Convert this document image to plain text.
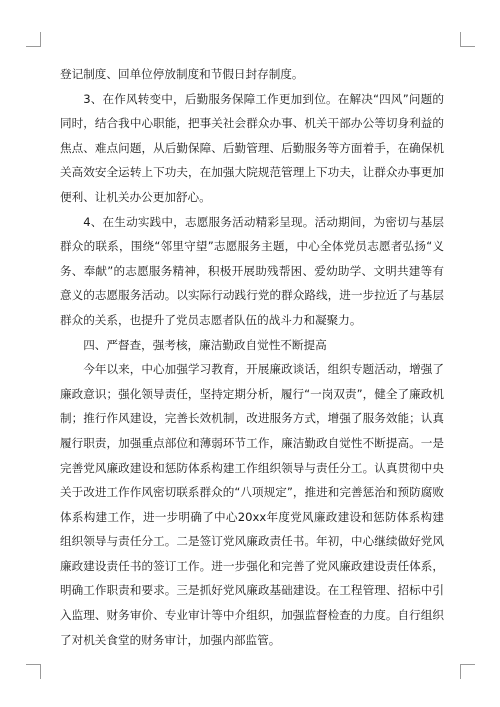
登记制度、回单位停放制度和节假日封存制度。

3、在作风转变中，后勤服务保障工作更加到位。在解决“四风”问题的同时，结合我中心职能，把事关社会群众办事、机关干部办公等切身利益的焦点、难点问题，从后勤保障、后勤管理、后勤服务等方面着手，在确保机关高效安全运转上下功夫，在加强大院规范管理上下功夫，让群众办事更加便利、让机关办公更加舒心。

4、在生动实践中，志愿服务活动精彩呈现。活动期间，为密切与基层群众的联系，围绕“邻里守望”志愿服务主题，中心全体党员志愿者弘扬“义务、奉献”的志愿服务精神，积极开展助残帮困、爱幼助学、文明共建等有意义的志愿服务活动。以实际行动践行党的群众路线，进一步拉近了与基层群众的关系，也提升了党员志愿者队伍的战斗力和凝聚力。

四、严督查，强考核，廉洁勤政自觉性不断提高

今年以来，中心加强学习教育，开展廉政谈话，组织专题活动，增强了廉政意识；强化领导责任，坚持定期分析，履行“一岗双责”，健全了廉政机制；推行作风建设，完善长效机制，改进服务方式，增强了服务效能；认真履行职责，加强重点部位和薄弱环节工作，廉洁勤政自觉性不断提高。一是完善党风廉政建设和惩防体系构建工作组织领导与责任分工。认真贯彻中央关于改进工作作风密切联系群众的“八项规定”，推进和完善惩治和预防腐败体系构建工作，进一步明确了中心20xx年度党风廉政建设和惩防体系构建组织领导与责任分工。二是签订党风廉政责任书。年初，中心继续做好党风廉政建设责任书的签订工作。进一步强化和完善了党风廉政建设责任体系，明确工作职责和要求。三是抓好党风廉政基础建设。在工程管理、招标中引入监理、财务审价、专业审计等中介组织，加强监督检查的力度。自行组织了对机关食堂的财务审计，加强内部监管。
